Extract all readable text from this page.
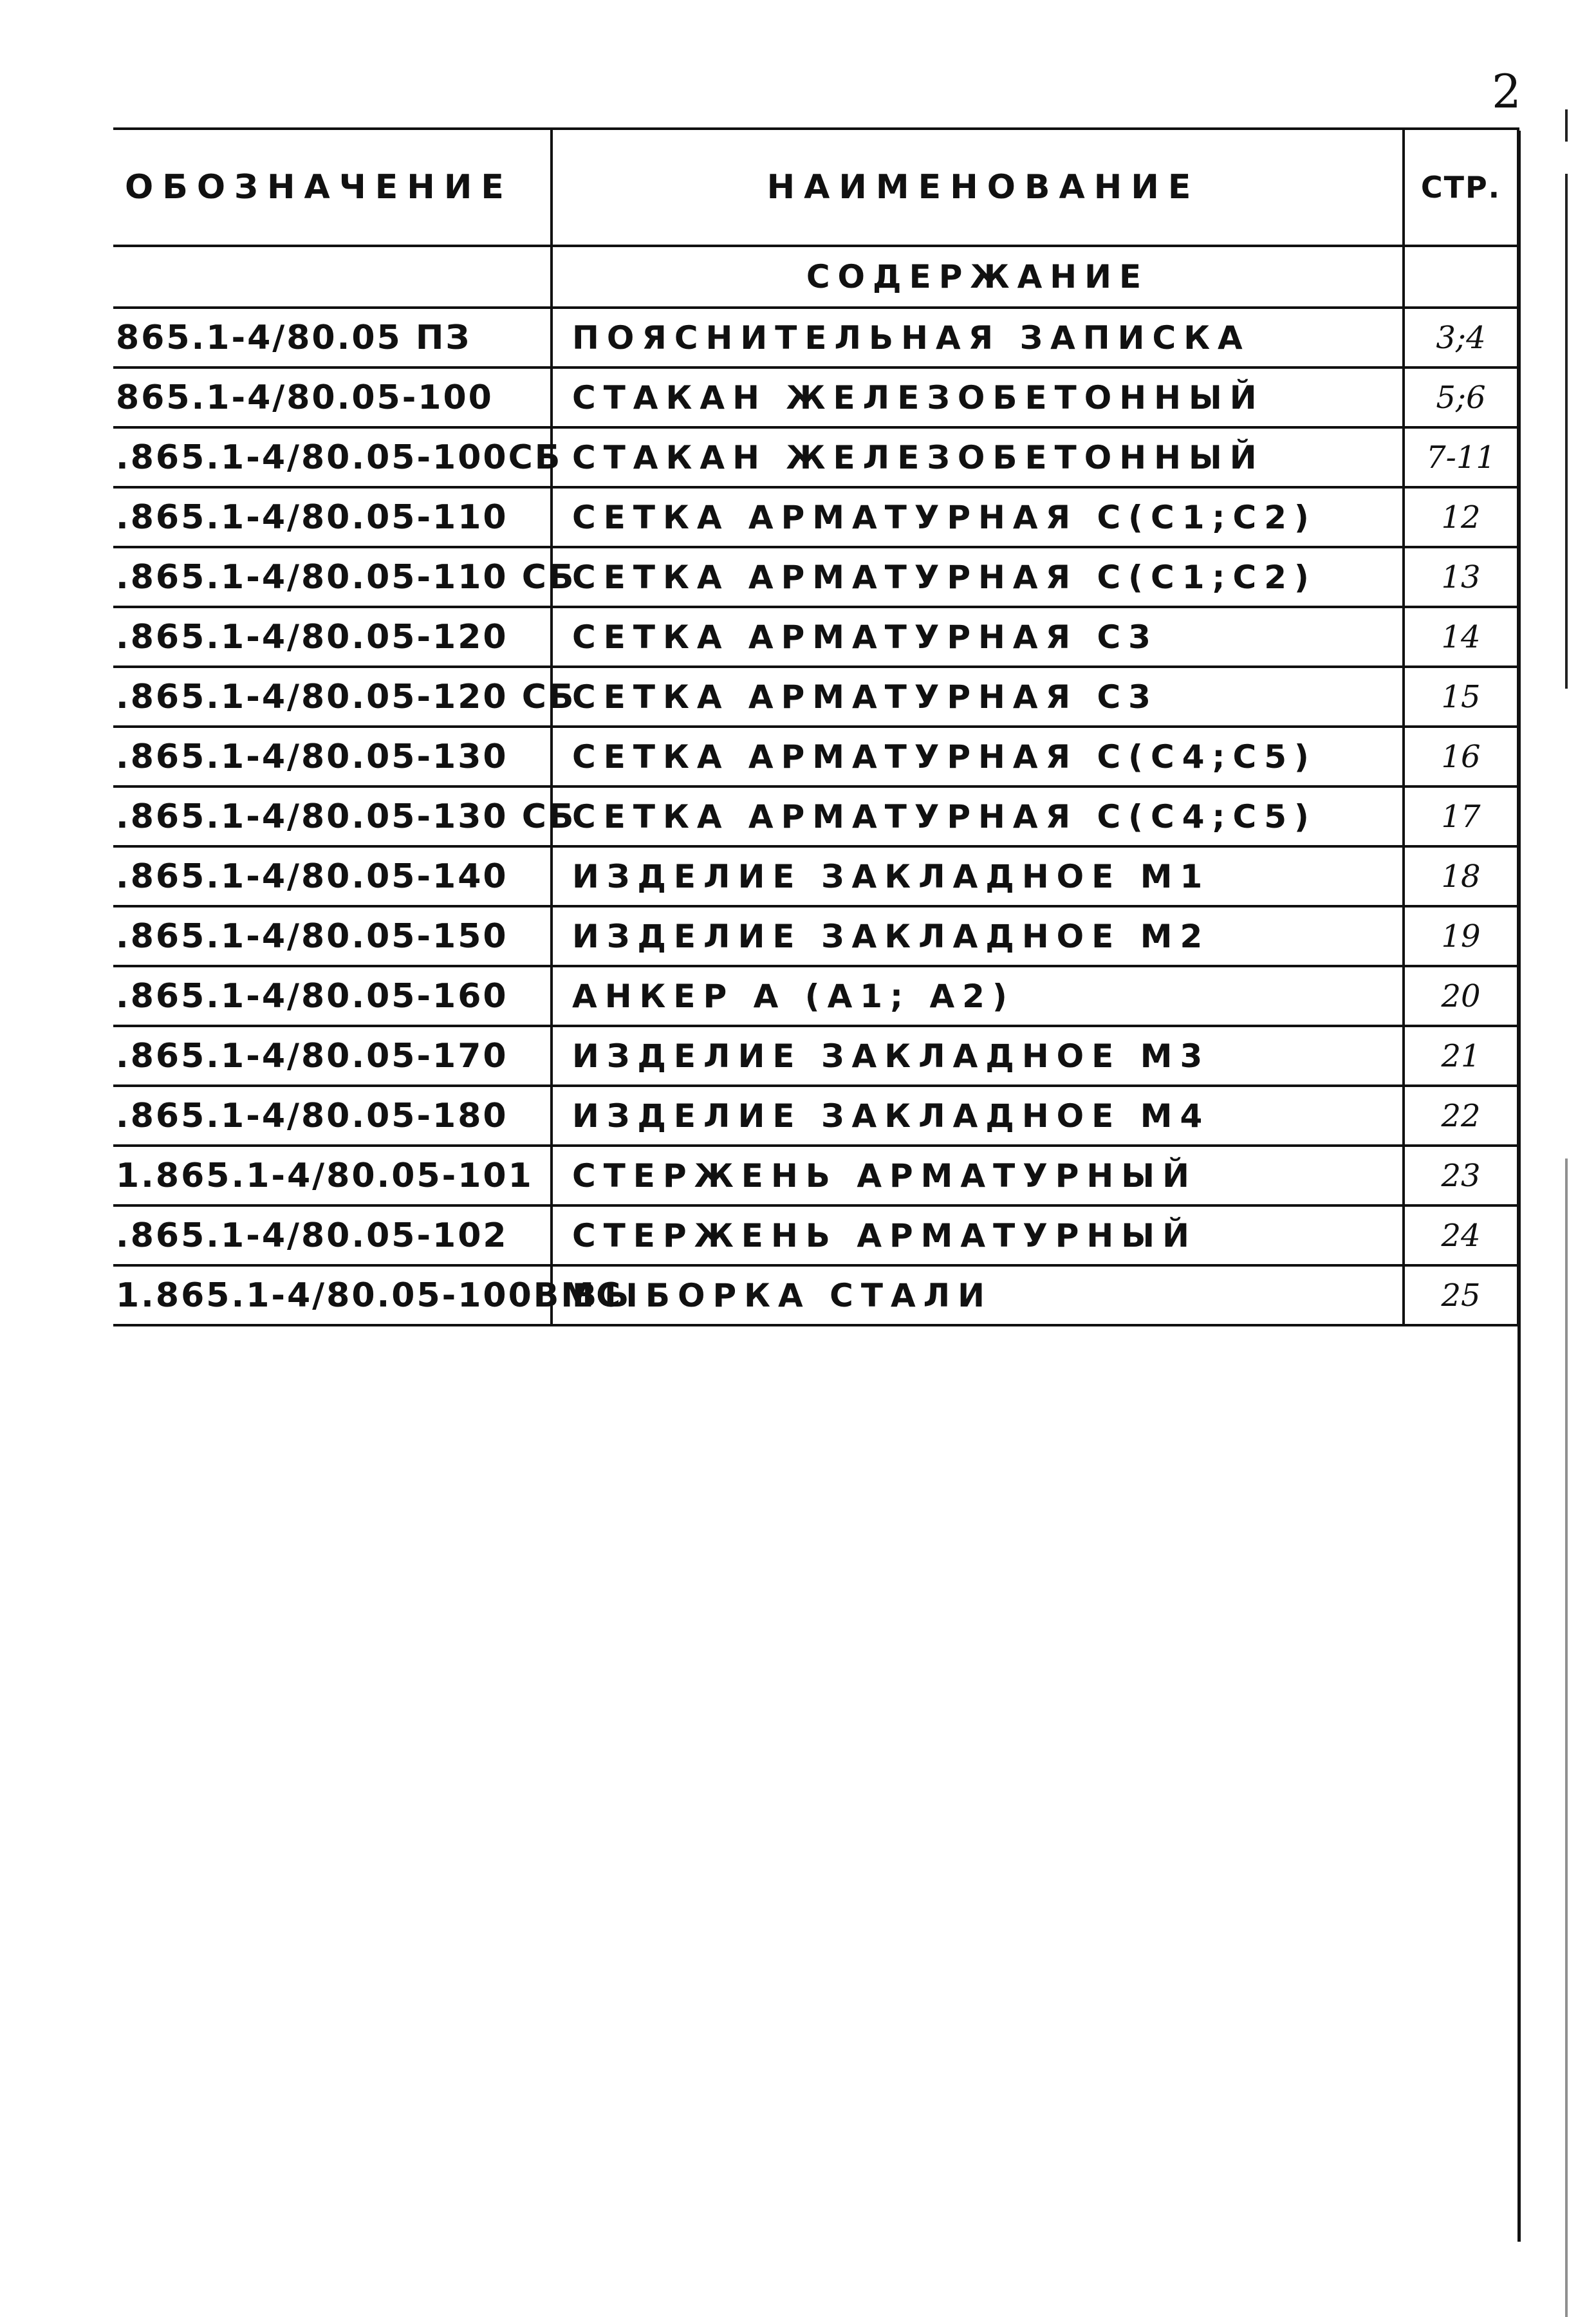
2
ОБОЗНАЧЕНИЕ	НАИМЕНОВАНИЕ	СТР.
	СОДЕРЖАНИЕ	
865.1-4/80.05 ПЗ	ПОЯСНИТЕЛЬНАЯ ЗАПИСКА	3;4
865.1-4/80.05-100	СТАКАН ЖЕЛЕЗОБЕТОННЫЙ	5;6
.865.1-4/80.05-100СБ	СТАКАН ЖЕЛЕЗОБЕТОННЫЙ	7-11
.865.1-4/80.05-110	СЕТКА АРМАТУРНАЯ С(С1;С2)	12
.865.1-4/80.05-110 СБ	СЕТКА АРМАТУРНАЯ С(С1;С2)	13
.865.1-4/80.05-120	СЕТКА АРМАТУРНАЯ С3	14
.865.1-4/80.05-120 СБ	СЕТКА АРМАТУРНАЯ С3	15
.865.1-4/80.05-130	СЕТКА АРМАТУРНАЯ С(С4;С5)	16
.865.1-4/80.05-130 СБ	СЕТКА АРМАТУРНАЯ С(С4;С5)	17
.865.1-4/80.05-140	ИЗДЕЛИЕ ЗАКЛАДНОЕ М1	18
.865.1-4/80.05-150	ИЗДЕЛИЕ ЗАКЛАДНОЕ М2	19
.865.1-4/80.05-160	АНКЕР А (А1; А2)	20
.865.1-4/80.05-170	ИЗДЕЛИЕ ЗАКЛАДНОЕ М3	21
.865.1-4/80.05-180	ИЗДЕЛИЕ ЗАКЛАДНОЕ М4	22
1.865.1-4/80.05-101	СТЕРЖЕНЬ АРМАТУРНЫЙ	23
.865.1-4/80.05-102	СТЕРЖЕНЬ АРМАТУРНЫЙ	24
1.865.1-4/80.05-100ВМС	ВЫБОРКА СТАЛИ	25
